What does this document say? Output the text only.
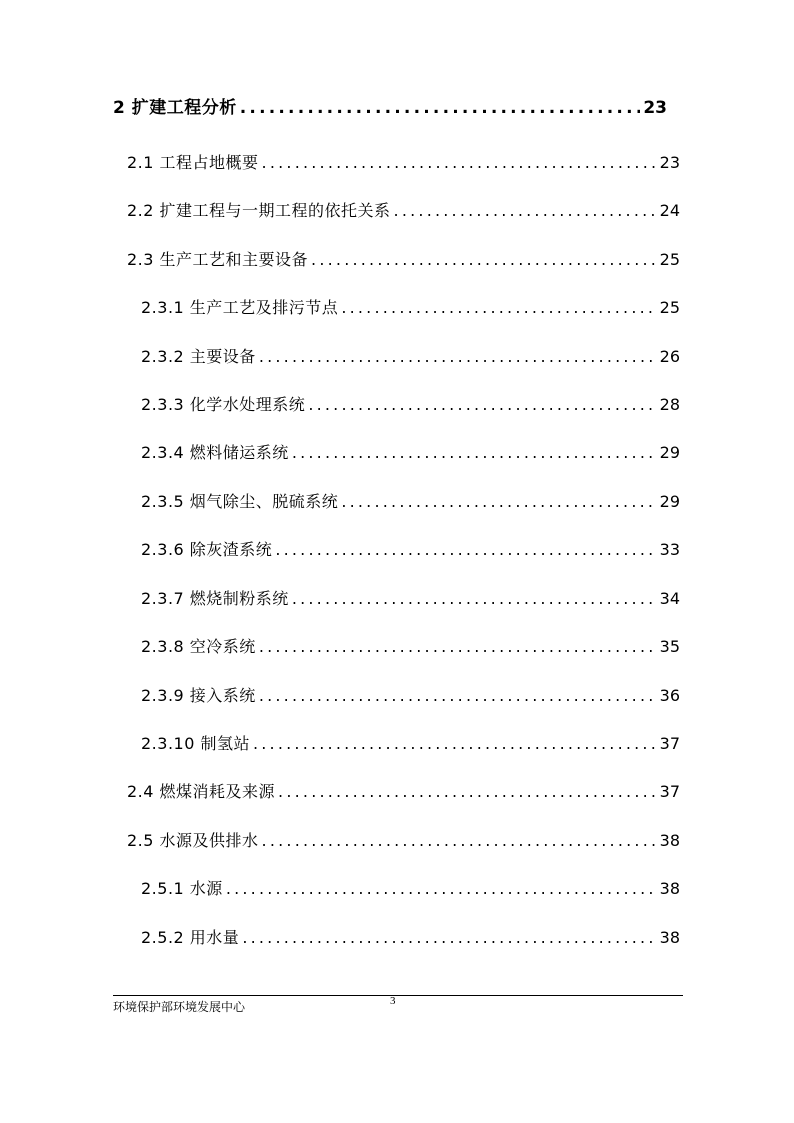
2 扩建工程分析 .....	23
2.1 工程占地概要 .....	23
2.2 扩建工程与一期工程的依托关系 .....	24
2.3 生产工艺和主要设备 .....	25
2.3.1 生产工艺及排污节点 .....	25
2.3.2 主要设备 .....	26
2.3.3 化学水处理系统 .....	28
2.3.4 燃料储运系统 .....	29
2.3.5 烟气除尘、脱硫系统 .....	29
2.3.6 除灰渣系统 .....	33
2.3.7 燃烧制粉系统 .....	34
2.3.8 空冷系统 .....	35
2.3.9 接入系统 .....	36
2.3.10 制氢站 .....	37
2.4 燃煤消耗及来源 .....	37
2.5 水源及供排水 .....	38
2.5.1 水源 .....	38
2.5.2 用水量 .....	38
环境保护部环境发展中心	3
